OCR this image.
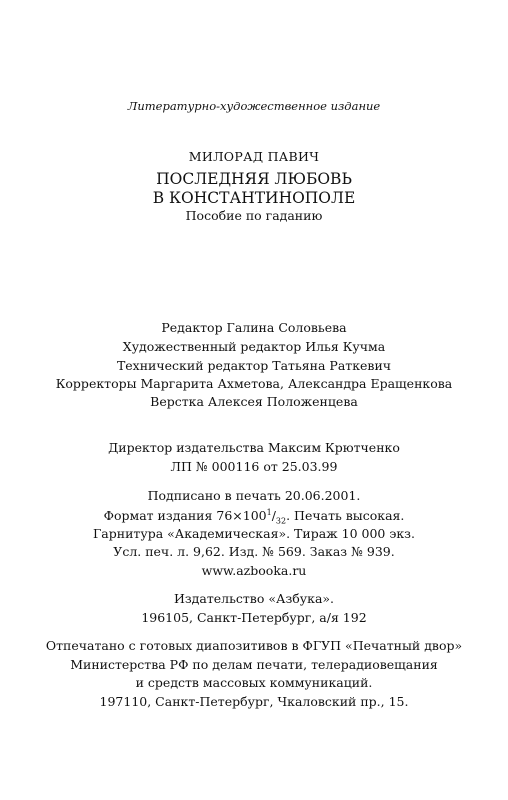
Литературно-художественное издание
МИЛОРАД ПАВИЧ
ПОСЛЕДНЯЯ ЛЮБОВЬ
В КОНСТАНТИНОПОЛЕ
Пособие по гаданию
Редактор Галина Соловьева
Художественный редактор Илья Кучма
Технический редактор Татьяна Раткевич
Корректоры Маргарита Ахметова, Александра Еращенкова
Верстка Алексея Положенцева
Директор издательства Максим Крютченко
ЛП № 000116 от 25.03.99
Подписано в печать 20.06.2001.
Формат издания $76\times 100^1/_{32}$. Печать высокая.
Гарнитура «Академическая». Тираж 10 000 экз.
Усл. печ. л. 9,62. Изд. № 569. Заказ № 939.
www.azbooka.ru
Издательство «Азбука».
196105, Санкт-Петербург, а/я 192
Отпечатано с готовых диапозитивов в ФГУП «Печатный двор»
Министерства РФ по делам печати, телерадиовещания
и средств массовых коммуникаций.
197110, Санкт-Петербург, Чкаловский пр., 15.
